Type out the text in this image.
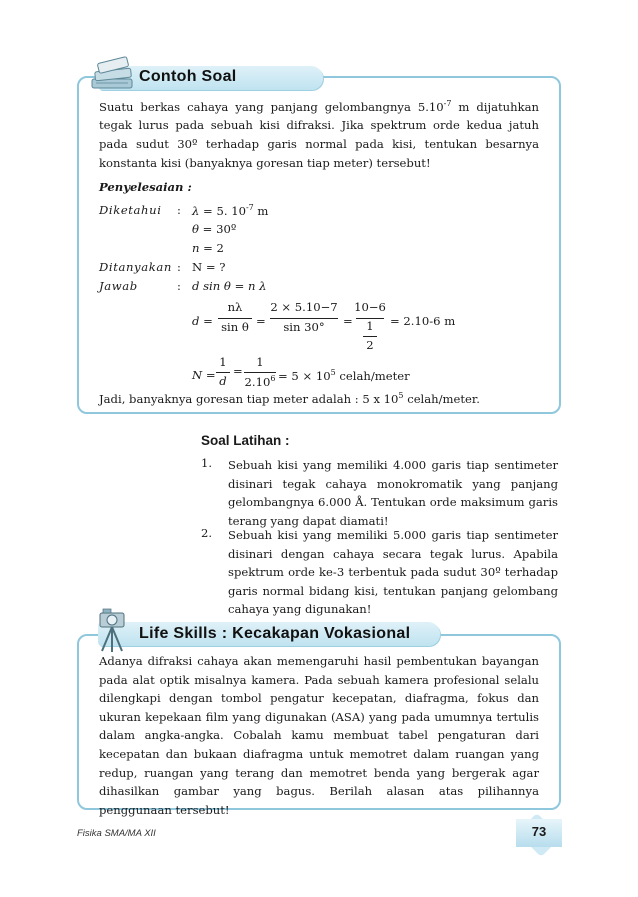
Contoh Soal
Suatu berkas cahaya yang panjang gelombangnya $5.10^{-7}$ m dijatuhkan tegak lurus pada sebuah kisi difraksi. Jika spektrum orde kedua jatuh pada sudut 30º terhadap garis normal pada kisi, tentukan besarnya konstanta kisi (banyaknya goresan tiap meter) tersebut!
Penyelesaian :
Diketahui : λ = 5. $10^{-7}$ m
θ = 30º
n = 2
Ditanyakan : N = ?
Jawab	: d sin θ = n λ
d =
nλ
sin θ =
2 × 5.10−7
sin 30°	=
10−6
1
2
= 2.10-6 m
N =
1
d
=
1
$2.10^6 = 5 \times 10^5$ celah/meter
Jadi, banyaknya goresan tiap meter adalah : 5 x $10^5$ celah/meter.
Soal Latihan :
1. Sebuah kisi yang memiliki 4.000 garis tiap sentimeter disinari tegak cahaya monokromatik yang panjang gelombangnya 6.000 Å. Tentukan orde maksimum garis terang yang dapat diamati!
2. Sebuah kisi yang memiliki 5.000 garis tiap sentimeter disinari dengan cahaya secara tegak lurus. Apabila spektrum orde ke-3 terbentuk pada sudut 30º terhadap garis normal bidang kisi, tentukan panjang gelombang cahaya yang digunakan!
Life Skills : Kecakapan Vokasional
Adanya difraksi cahaya akan memengaruhi hasil pembentukan bayangan pada alat optik misalnya kamera. Pada sebuah kamera profesional selalu dilengkapi dengan tombol pengatur kecepatan, diafragma, fokus dan ukuran kepekaan film yang digunakan (ASA) yang pada umumnya tertulis dalam angka-angka. Cobalah kamu membuat tabel pengaturan dari kecepatan dan bukaan diafragma untuk memotret dalam ruangan yang redup, ruangan yang terang dan memotret benda yang bergerak agar dihasilkan gambar yang bagus. Berilah alasan atas pilihannya penggunaan tersebut!
Fisika SMA/MA XII	73
